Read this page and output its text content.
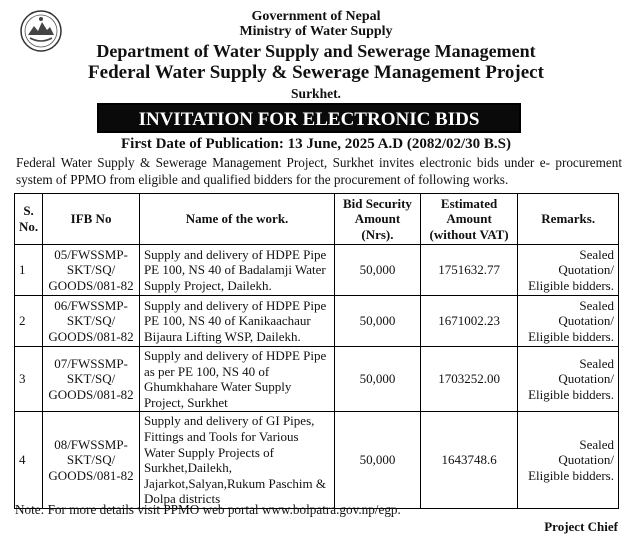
Government of Nepal
Ministry of Water Supply
Department of Water Supply and Sewerage Management
Federal Water Supply & Sewerage Management Project
Surkhet.
INVITATION FOR ELECTRONIC BIDS
First Date of Publication: 13 June, 2025 A.D (2082/02/30 B.S)
Federal Water Supply & Sewerage Management Project, Surkhet invites electronic bids under e- procurement system of PPMO from eligible and qualified bidders for the procurement of following works.
S. No.	IFB No	Name of the work.	Bid Security Amount (Nrs).	Estimated Amount (without VAT)	Remarks.
1	05/FWSSMP-SKT/SQ/ GOODS/081-82	Supply and delivery of HDPE Pipe PE 100, NS 40 of Badalamji Water Supply Project, Dailekh.	50,000	1751632.77	Sealed Quotation/ Eligible bidders.
2	06/FWSSMP-SKT/SQ/ GOODS/081-82	Supply and delivery of HDPE Pipe PE 100, NS 40 of Kanikaachaur Bijaura Lifting WSP, Dailekh.	50,000	1671002.23	Sealed Quotation/ Eligible bidders.
3	07/FWSSMP-SKT/SQ/ GOODS/081-82	Supply and delivery of HDPE Pipe as per PE 100, NS 40 of Ghumkhahare Water Supply Project, Surkhet	50,000	1703252.00	Sealed Quotation/ Eligible bidders.
4	08/FWSSMP-SKT/SQ/ GOODS/081-82	Supply and delivery of GI Pipes, Fittings and Tools for Various Water Supply Projects of Surkhet,Dailekh, Jajarkot,Salyan,Rukum Paschim & Dolpa districts	50,000	1643748.6	Sealed Quotation/ Eligible bidders.
Note: For more details visit PPMO web portal www.bolpatra.gov.np/egp.
Project Chief
